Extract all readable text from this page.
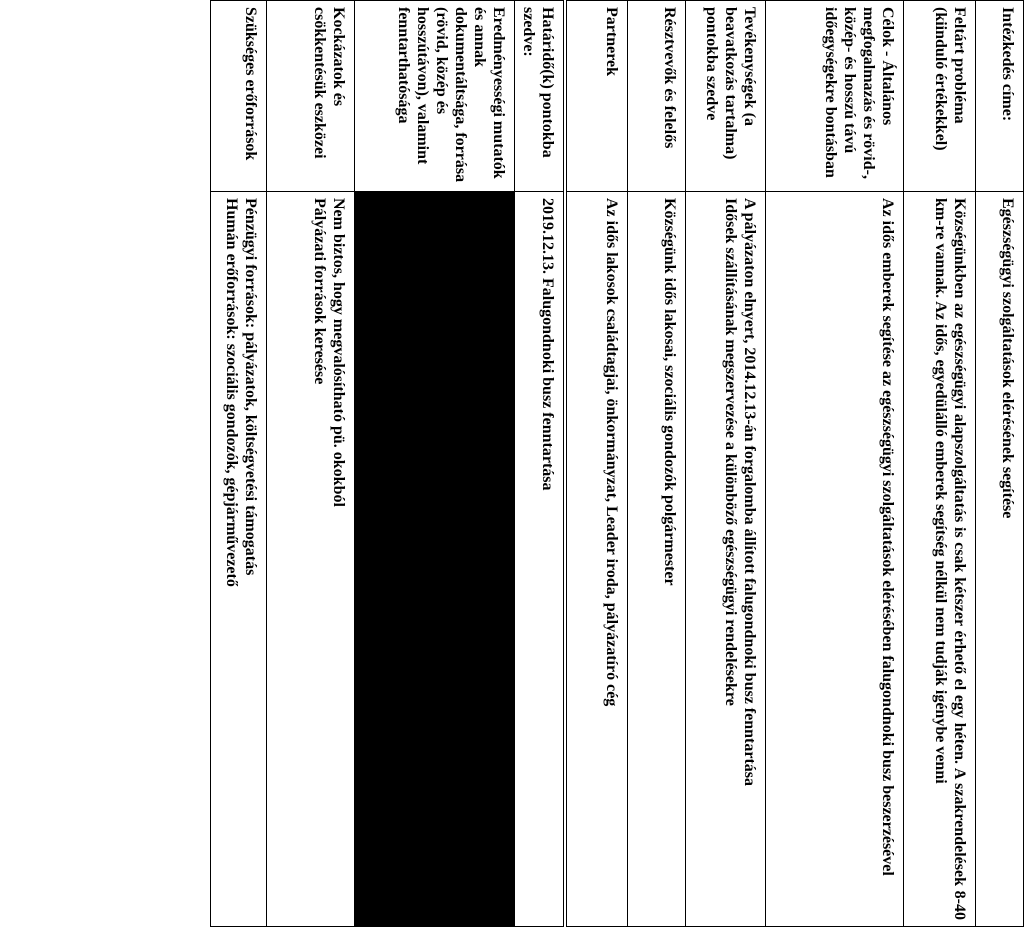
Intézkedés címe:	Egészségügyi szolgáltatások elérésének segítése
Feltárt probléma (kiinduló értékekkel)	Községünkben az egészségügyi alapszolgáltatás is csak kétszer érhető el egy héten. A szakrendelések 8-40 km-re vannak. Az idős, egyedülálló emberek segítség nélkül nem tudják igénybe venni
Célok - Általános megfogalmazás és rövid-, közép- és hosszú távú időegységekre bontásban	Az idős emberek segítése az egészségügyi szolgáltatások elérésében falugondnoki busz beszerzésével
Tevékenységek (a beavatkozás tartalma) pontokba szedve	A pályázaton elnyert, 2014.12.13-án forgalomba állított falugondnoki busz fenntartása
Idősek szállításának megszervezése a különböző egészségügyi rendelésekre

Résztvevők és felelős	Községünk idős lakosai, szociális gondozók polgármester
Partnerek	Az idős lakosok családtagjai, önkormányzat, Leader iroda, pályázatíró cég
Határidő(k) pontokba szedve:	2019.12.13. Falugondnoki busz fenntartása
Eredményességi mutatók és annak dokumentáltsága, forrása (rövid, közép és hosszútávon), valamint fenntarthatósága	
Kockázatok és csökkentésük eszközei	Nem biztos, hogy megvalósítható pü. okokból
Pályázati források keresése

Szükséges erőforrások	Pénzügyi források: pályázatok, költségvetési támogatás
Humán erőforrások: szociális gondozók, gépjárművezető
